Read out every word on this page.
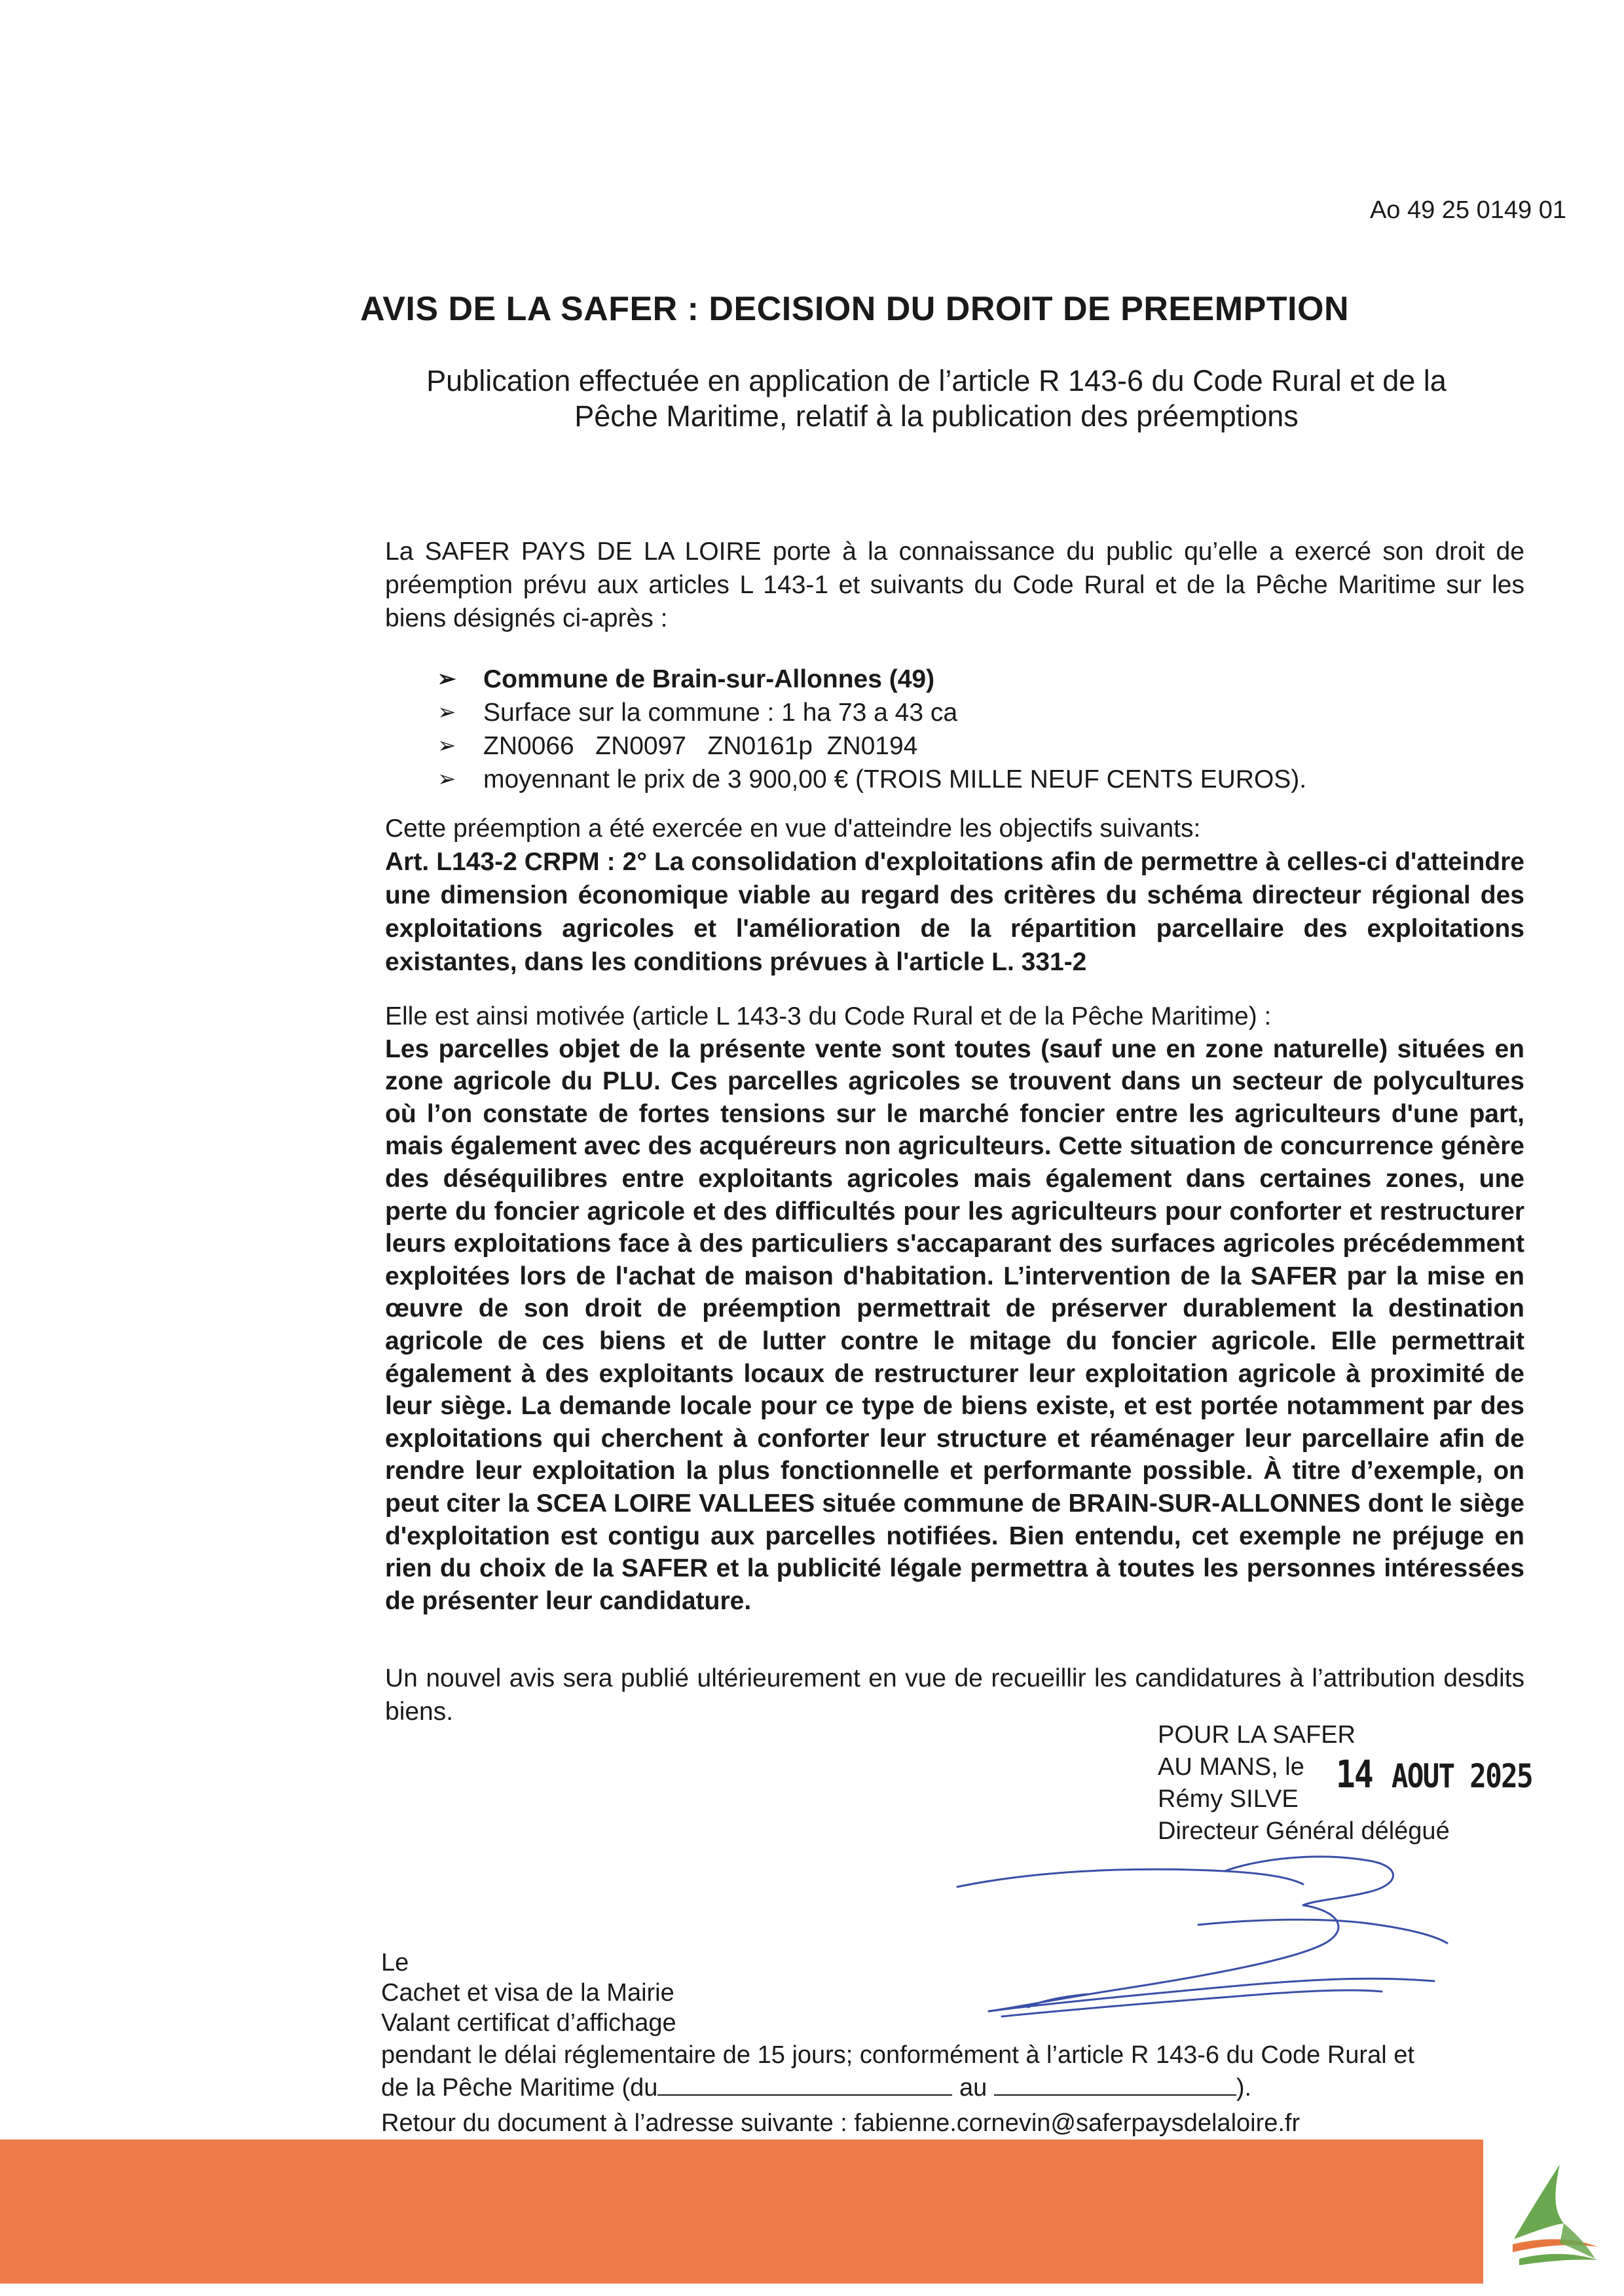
Ao 49 25 0149 01
AVIS DE LA SAFER : DECISION DU DROIT DE PREEMPTION
Publication effectuée en application de l’article R 143-6 du Code Rural et de la
Pêche Maritime, relatif à la publication des préemptions
La SAFER PAYS DE LA LOIRE porte à la connaissance du public qu’elle a exercé son droit de préemption prévu aux articles L 143-1 et suivants du Code Rural et de la Pêche Maritime sur les biens désignés ci-après :
➢ Commune de Brain-sur-Allonnes (49)
➢ Surface sur la commune : 1 ha 73 a 43 ca
➢ ZN0066   ZN0097   ZN0161p  ZN0194
➢ moyennant le prix de 3 900,00 € (TROIS MILLE NEUF CENTS EUROS).
Cette préemption a été exercée en vue d'atteindre les objectifs suivants:
Art. L143-2 CRPM : 2° La consolidation d'exploitations afin de permettre à celles-ci d'atteindre une dimension économique viable au regard des critères du schéma directeur régional des exploitations agricoles et l'amélioration de la répartition parcellaire des exploitations existantes, dans les conditions prévues à l'article L. 331-2
Elle est ainsi motivée (article L 143-3 du Code Rural et de la Pêche Maritime) :
Les parcelles objet de la présente vente sont toutes (sauf une en zone naturelle) situées en zone agricole du PLU. Ces parcelles agricoles se trouvent dans un secteur de polycultures où l’on constate de fortes tensions sur le marché foncier entre les agriculteurs d'une part, mais également avec des acquéreurs non agriculteurs. Cette situation de concurrence génère des déséquilibres entre exploitants agricoles mais également dans certaines zones, une perte du foncier agricole et des difficultés pour les agriculteurs pour conforter et restructurer leurs exploitations face à des particuliers s'accaparant des surfaces agricoles précédemment exploitées lors de l'achat de maison d'habitation. L’intervention de la SAFER par la mise en œuvre de son droit de préemption permettrait de préserver durablement la destination agricole de ces biens et de lutter contre le mitage du foncier agricole. Elle permettrait également à des exploitants locaux de restructurer leur exploitation agricole à proximité de leur siège. La demande locale pour ce type de biens existe, et est portée notamment par des exploitations qui cherchent à conforter leur structure et réaménager leur parcellaire afin de rendre leur exploitation la plus fonctionnelle et performante possible. À titre d’exemple, on peut citer la SCEA LOIRE VALLEES située commune de BRAIN-SUR-ALLONNES dont le siège d'exploitation est contigu aux parcelles notifiées. Bien entendu, cet exemple ne préjuge en rien du choix de la SAFER et la publicité légale permettra à toutes les personnes intéressées de présenter leur candidature.
Un nouvel avis sera publié ultérieurement en vue de recueillir les candidatures à l’attribution desdits biens.
POUR LA SAFER
AU MANS, le
Rémy SILVE
Directeur Général délégué
14 AOUT 2025
Le
Cachet et visa de la Mairie
Valant certificat d’affichage
pendant le délai réglementaire de 15 jours; conformément à l’article R 143-6 du Code Rural et
de la Pêche Maritime (du	au	).
Retour du document à l’adresse suivante : fabienne.cornevin@saferpaysdelaloire.fr
